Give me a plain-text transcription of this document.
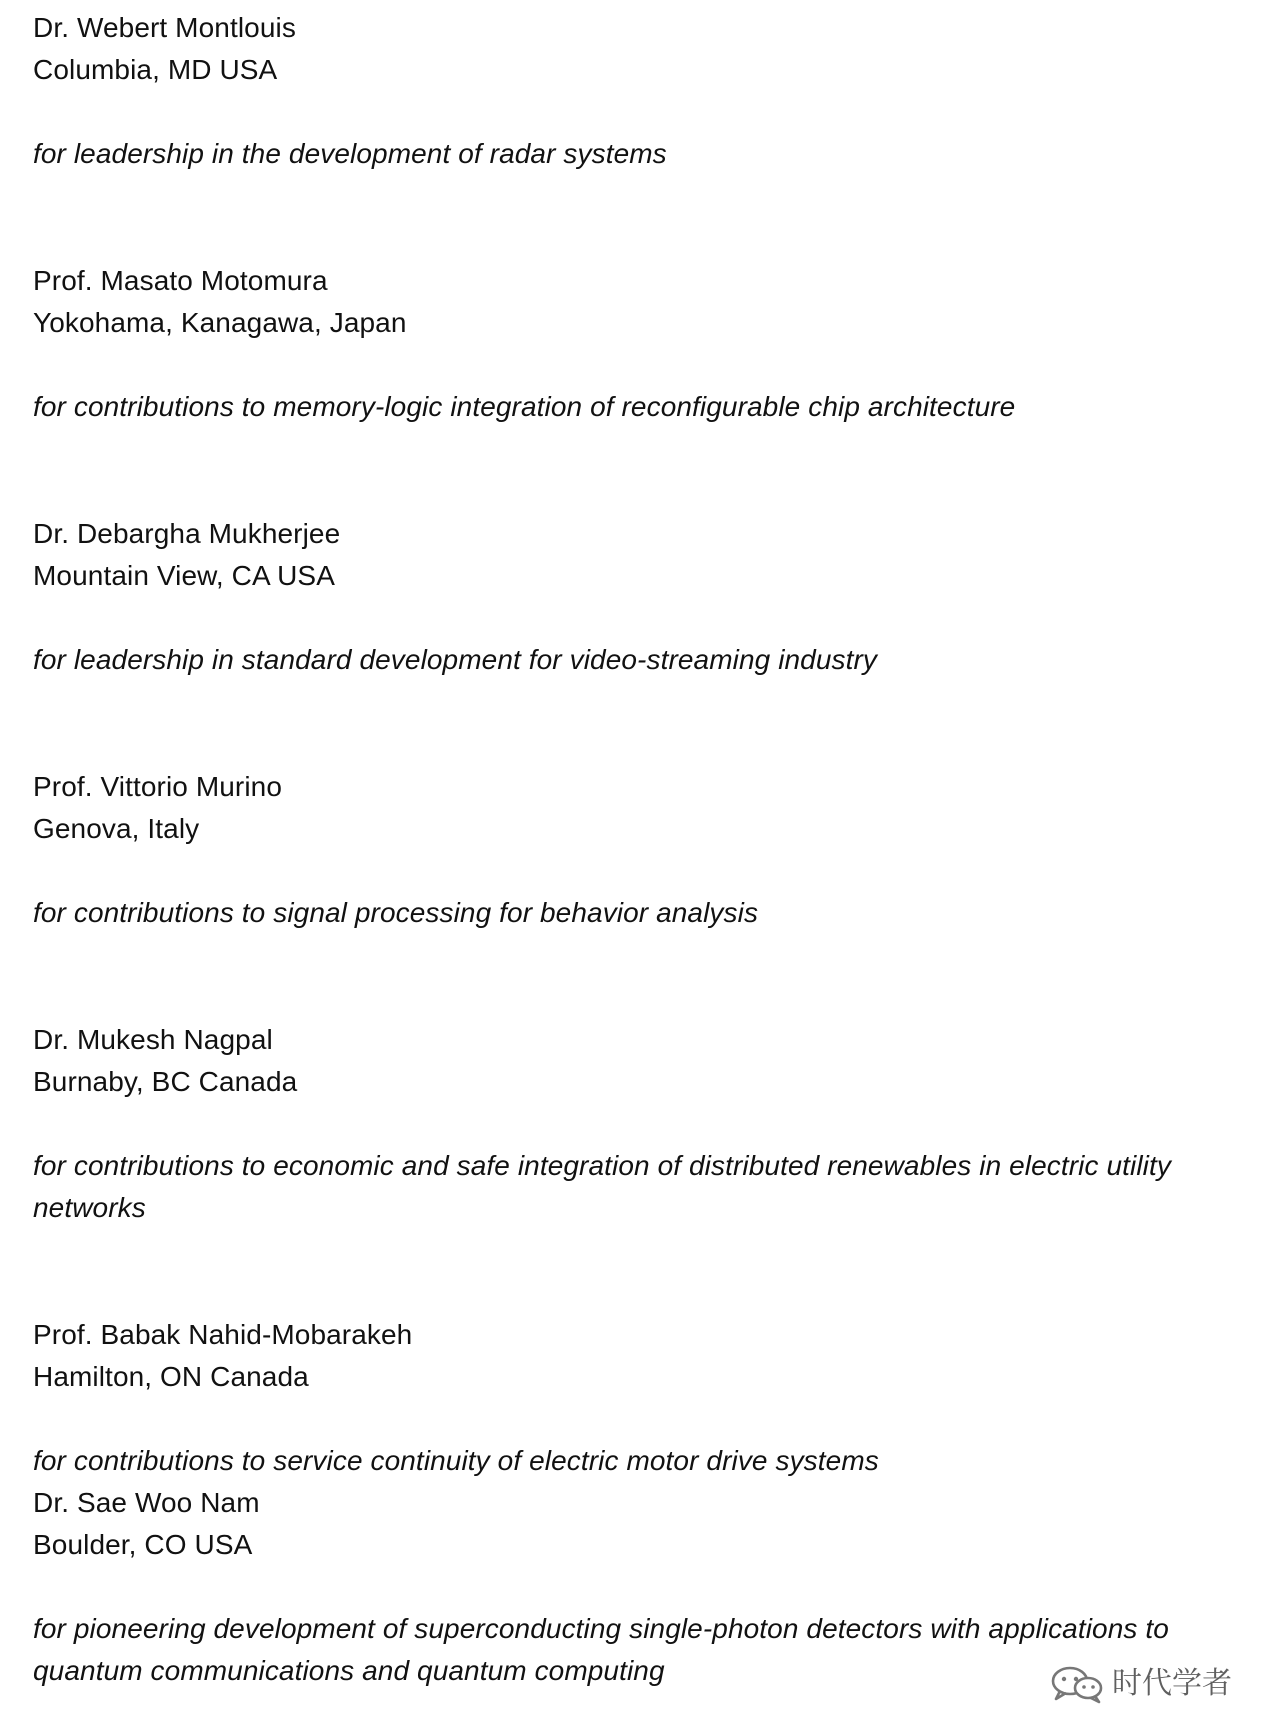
Dr. Webert Montlouis
Columbia, MD USA
for leadership in the development of radar systems
Prof. Masato Motomura
Yokohama, Kanagawa, Japan
for contributions to memory-logic integration of reconfigurable chip architecture
Dr. Debargha Mukherjee
Mountain View, CA USA
for leadership in standard development for video-streaming industry
Prof. Vittorio Murino
Genova, Italy
for contributions to signal processing for behavior analysis
Dr. Mukesh Nagpal
Burnaby, BC Canada
for contributions to economic and safe integration of distributed renewables in electric utility
networks
Prof. Babak Nahid-Mobarakeh
Hamilton, ON Canada
for contributions to service continuity of electric motor drive systems
Dr. Sae Woo Nam
Boulder, CO USA
for pioneering development of superconducting single-photon detectors with applications to
quantum communications and quantum computing	时代学者
